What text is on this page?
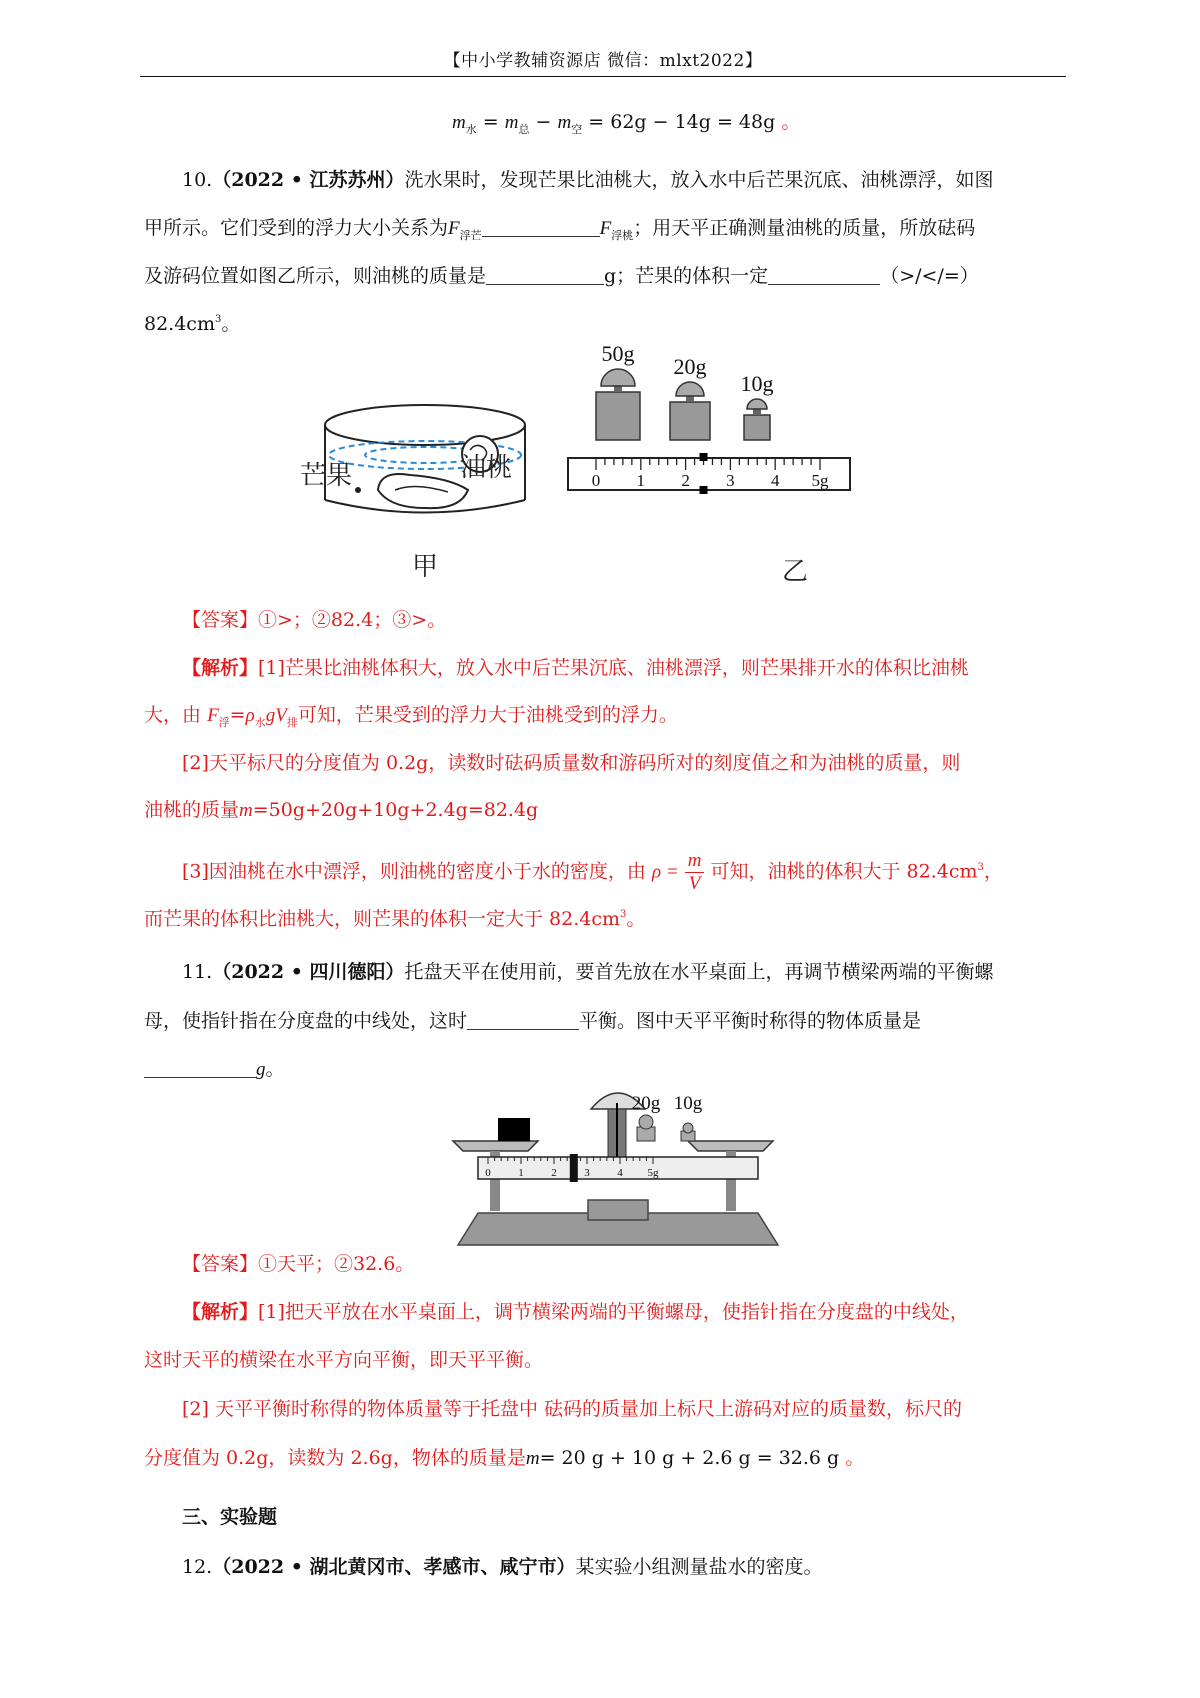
【中小学教辅资源店 微信：mlxt2022】
$m_水 = m_总 - m_空 = 62g - 14g = 48g$ 。
10.（2022 • 江苏苏州）洗水果时，发现芒果比油桃大，放入水中后芒果沉底、油桃漂浮，如图
甲所示。它们受到的浮力大小关系为$F_{浮芒}$	$F_{浮桃}$；用天平正确测量油桃的质量，所放砝码
及游码位置如图乙所示，则油桃的质量是	g；芒果的体积一定	（>/</=）
$82.4cm^3$。
芒果	油桃
甲
50g
20g
10g
0 1 2 3 4 5g
乙
【答案】①>；②82.4；③>。
【解析】[1]芒果比油桃体积大，放入水中后芒果沉底、油桃漂浮，则芒果排开水的体积比油桃
大，由 $F_浮=\rho_水gV_排$可知，芒果受到的浮力大于油桃受到的浮力。
[2]天平标尺的分度值为 0.2g，读数时砝码质量数和游码所对的刻度值之和为油桃的质量，则
油桃的质量m=50g+20g+10g+2.4g=82.4g
[3]因油桃在水中漂浮，则油桃的密度小于水的密度，由 $\rho = \frac{m}{V}$ 可知，油桃的体积大于 $82.4cm^3$，
而芒果的体积比油桃大，则芒果的体积一定大于 $82.4cm^3$。
11.（2022 • 四川德阳）托盘天平在使用前，要首先放在水平桌面上，再调节横梁两端的平衡螺
母，使指针指在分度盘的中线处，这时	平衡。图中天平平衡时称得的物体质量是
g。
20g 10g
0	1	2	3	4 5g
【答案】①天平；②32.6。
【解析】[1]把天平放在水平桌面上，调节横梁两端的平衡螺母，使指针指在分度盘的中线处，
这时天平的横梁在水平方向平衡，即天平平衡。
[2] 天平平衡时称得的物体质量等于托盘中 砝码的质量加上标尺上游码对应的质量数，标尺的
分度值为 0.2g，读数为 2.6g，物体的质量是m= 20 g + 10 g + 2.6 g = 32.6 g 。
三、实验题
12.（2022 • 湖北黄冈市、孝感市、咸宁市）某实验小组测量盐水的密度。
